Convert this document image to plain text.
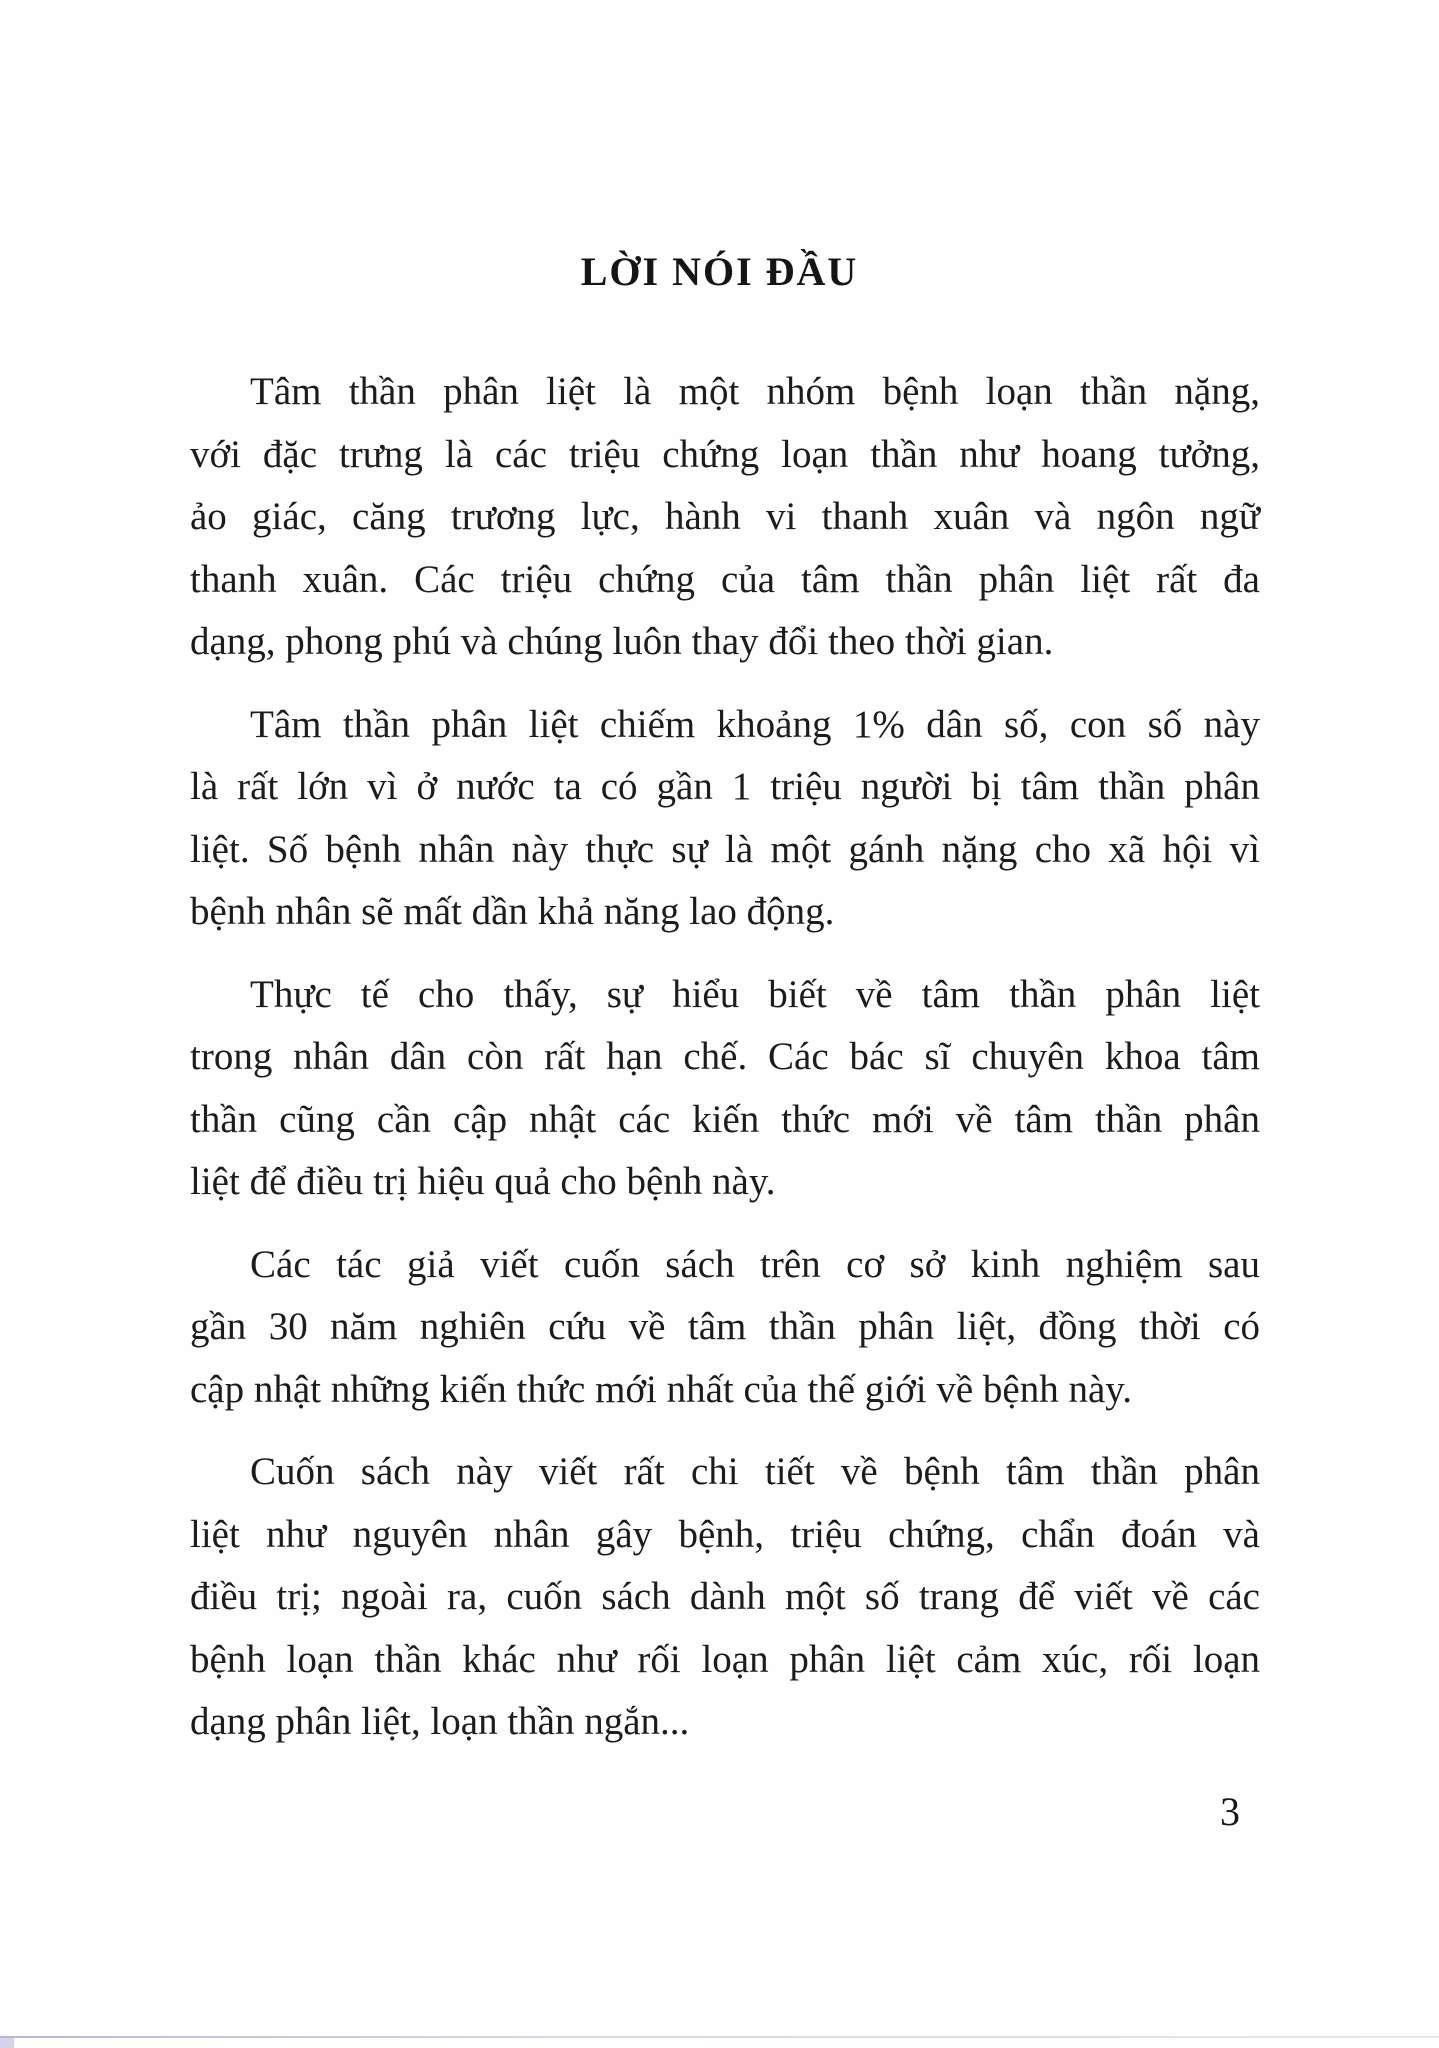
LỜI NÓI ĐẦU

Tâm thần phân liệt là một nhóm bệnh loạn thần nặng,
với đặc trưng là các triệu chứng loạn thần như hoang tưởng,
ảo giác, căng trương lực, hành vi thanh xuân và ngôn ngữ
thanh xuân. Các triệu chứng của tâm thần phân liệt rất đa
dạng, phong phú và chúng luôn thay đổi theo thời gian.

Tâm thần phân liệt chiếm khoảng 1% dân số, con số này
là rất lớn vì ở nước ta có gần 1 triệu người bị tâm thần phân
liệt. Số bệnh nhân này thực sự là một gánh nặng cho xã hội vì
bệnh nhân sẽ mất dần khả năng lao động.

Thực tế cho thấy, sự hiểu biết về tâm thần phân liệt
trong nhân dân còn rất hạn chế. Các bác sĩ chuyên khoa tâm
thần cũng cần cập nhật các kiến thức mới về tâm thần phân
liệt để điều trị hiệu quả cho bệnh này.

Các tác giả viết cuốn sách trên cơ sở kinh nghiệm sau
gần 30 năm nghiên cứu về tâm thần phân liệt, đồng thời có
cập nhật những kiến thức mới nhất của thế giới về bệnh này.

Cuốn sách này viết rất chi tiết về bệnh tâm thần phân
liệt như nguyên nhân gây bệnh, triệu chứng, chẩn đoán và
điều trị; ngoài ra, cuốn sách dành một số trang để viết về các
bệnh loạn thần khác như rối loạn phân liệt cảm xúc, rối loạn
dạng phân liệt, loạn thần ngắn...

3
